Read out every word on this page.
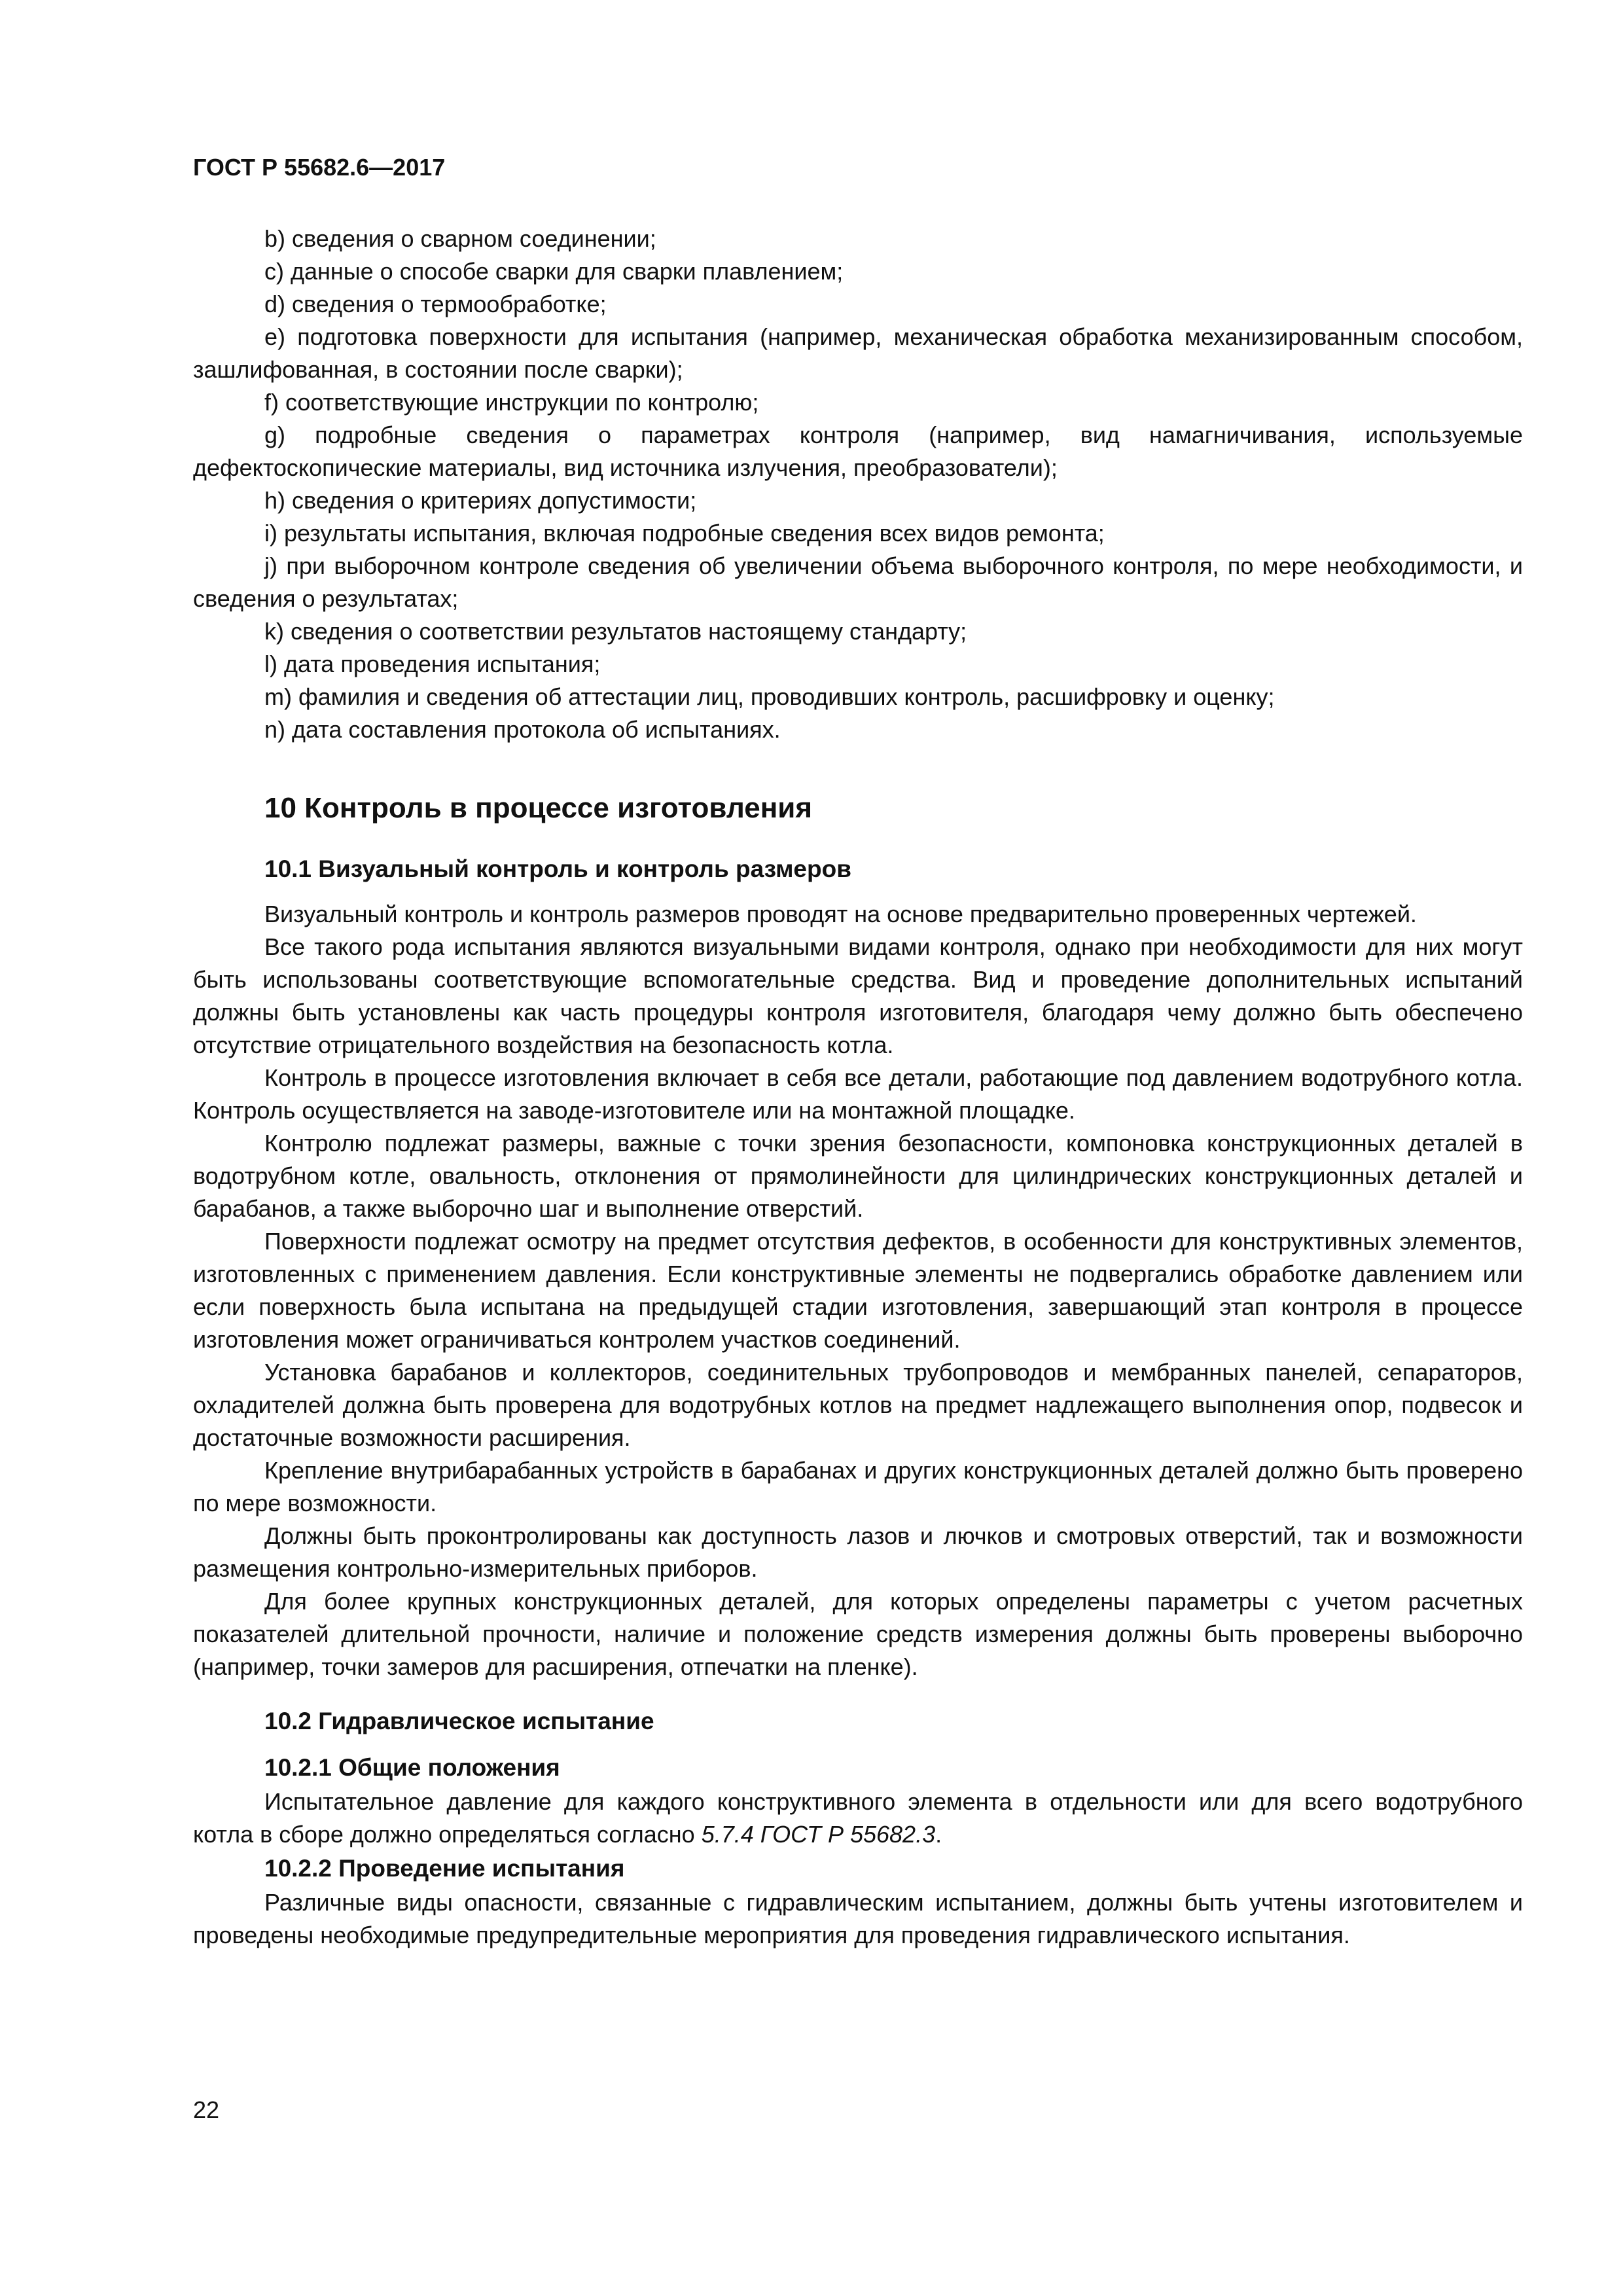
ГОСТ Р 55682.6—2017

b) сведения о сварном соединении;

c) данные о способе сварки для сварки плавлением;

d) сведения о термообработке;

e) подготовка поверхности для испытания (например, механическая обработка механизированным способом, зашлифованная, в состоянии после сварки);

f) соответствующие инструкции по контролю;

g) подробные сведения о параметрах контроля (например, вид намагничивания, используемые дефектоскопические материалы, вид источника излучения, преобразователи);

h) сведения о критериях допустимости;

i) результаты испытания, включая подробные сведения всех видов ремонта;

j) при выборочном контроле сведения об увеличении объема выборочного контроля, по мере необходимости, и сведения о результатах;

k) сведения о соответствии результатов настоящему стандарту;

l) дата проведения испытания;

m) фамилия и сведения об аттестации лиц, проводивших контроль, расшифровку и оценку;

n) дата составления протокола об испытаниях.

10 Контроль в процессе изготовления
10.1 Визуальный контроль и контроль размеров

Визуальный контроль и контроль размеров проводят на основе предварительно проверенных чертежей.

Все такого рода испытания являются визуальными видами контроля, однако при необходимости для них могут быть использованы соответствующие вспомогательные средства. Вид и проведение дополнительных испытаний должны быть установлены как часть процедуры контроля изготовителя, благодаря чему должно быть обеспечено отсутствие отрицательного воздействия на безопасность котла.

Контроль в процессе изготовления включает в себя все детали, работающие под давлением водотрубного котла. Контроль осуществляется на заводе-изготовителе или на монтажной площадке.

Контролю подлежат размеры, важные с точки зрения безопасности, компоновка конструкционных деталей в водотрубном котле, овальность, отклонения от прямолинейности для цилиндрических конструкционных деталей и барабанов, а также выборочно шаг и выполнение отверстий.

Поверхности подлежат осмотру на предмет отсутствия дефектов, в особенности для конструктивных элементов, изготовленных с применением давления. Если конструктивные элементы не подвергались обработке давлением или если поверхность была испытана на предыдущей стадии изготовления, завершающий этап контроля в процессе изготовления может ограничиваться контролем участков соединений.

Установка барабанов и коллекторов, соединительных трубопроводов и мембранных панелей, сепараторов, охладителей должна быть проверена для водотрубных котлов на предмет надлежащего выполнения опор, подвесок и достаточные возможности расширения.

Крепление внутрибарабанных устройств в барабанах и других конструкционных деталей должно быть проверено по мере возможности.

Должны быть проконтролированы как доступность лазов и лючков и смотровых отверстий, так и возможности размещения контрольно-измерительных приборов.

Для более крупных конструкционных деталей, для которых определены параметры с учетом расчетных показателей длительной прочности, наличие и положение средств измерения должны быть проверены выборочно (например, точки замеров для расширения, отпечатки на пленке).

10.2 Гидравлическое испытание
10.2.1 Общие положения

Испытательное давление для каждого конструктивного элемента в отдельности или для всего водотрубного котла в сборе должно определяться согласно 5.7.4 ГОСТ Р 55682.3.

10.2.2 Проведение испытания

Различные виды опасности, связанные с гидравлическим испытанием, должны быть учтены изготовителем и проведены необходимые предупредительные мероприятия для проведения гидравлического испытания.

22
